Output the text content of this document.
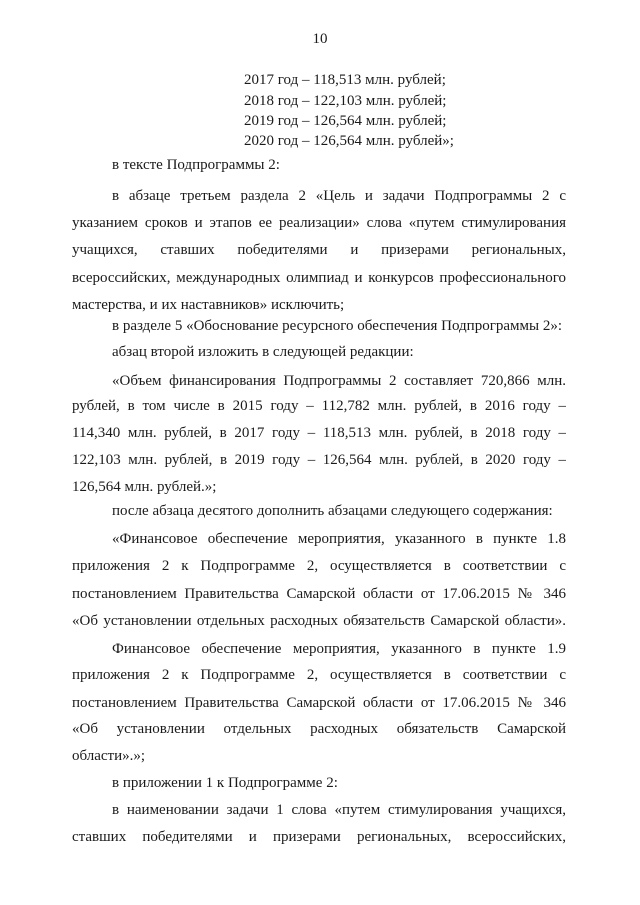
10
2017 год – 118,513 млн. рублей;
2018 год – 122,103 млн. рублей;
2019 год – 126,564 млн. рублей;
2020 год – 126,564 млн. рублей»;
в тексте Подпрограммы 2:
в абзаце третьем раздела 2 «Цель и задачи Подпрограммы 2 с
указанием сроков и этапов ее реализации» слова «путем стимулирования
учащихся, ставших победителями и призерами региональных,
всероссийских, международных олимпиад и конкурсов профессионального
мастерства, и их наставников» исключить;
в разделе 5 «Обоснование ресурсного обеспечения Подпрограммы 2»:
абзац второй изложить в следующей редакции:
«Объем финансирования Подпрограммы 2 составляет 720,866 млн.
рублей, в том числе в 2015 году – 112,782 млн. рублей, в 2016 году –
114,340 млн. рублей, в 2017 году – 118,513 млн. рублей, в 2018 году –
122,103 млн. рублей, в 2019 году – 126,564 млн. рублей, в 2020 году –
126,564 млн. рублей.»;
после абзаца десятого дополнить абзацами следующего содержания:
«Финансовое обеспечение мероприятия, указанного в пункте 1.8
приложения 2 к Подпрограмме 2, осуществляется в соответствии с
постановлением Правительства Самарской области от 17.06.2015 № 346
«Об установлении отдельных расходных обязательств Самарской области».
Финансовое обеспечение мероприятия, указанного в пункте 1.9
приложения 2 к Подпрограмме 2, осуществляется в соответствии с
постановлением Правительства Самарской области от 17.06.2015 № 346
«Об установлении отдельных расходных обязательств Самарской
области».»;
в приложении 1 к Подпрограмме 2:
в наименовании задачи 1 слова «путем стимулирования учащихся,
ставших победителями и призерами региональных, всероссийских,
